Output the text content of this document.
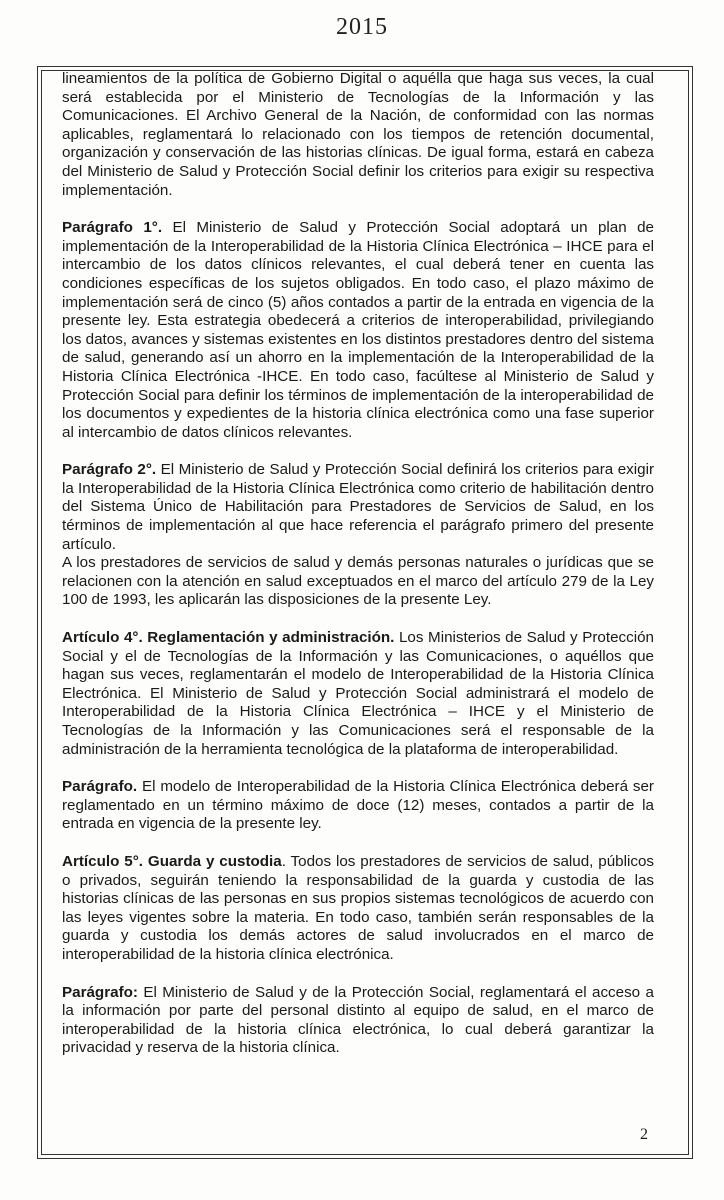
2015

lineamientos de la política de Gobierno Digital o aquélla que haga sus veces, la cual será establecida por el Ministerio de Tecnologías de la Información y las Comunicaciones. El Archivo General de la Nación, de conformidad con las normas aplicables, reglamentará lo relacionado con los tiempos de retención documental, organización y conservación de las historias clínicas. De igual forma, estará en cabeza del Ministerio de Salud y Protección Social definir los criterios para exigir su respectiva implementación.

Parágrafo 1°. El Ministerio de Salud y Protección Social adoptará un plan de implementación de la Interoperabilidad de la Historia Clínica Electrónica – IHCE para el intercambio de los datos clínicos relevantes, el cual deberá tener en cuenta las condiciones específicas de los sujetos obligados. En todo caso, el plazo máximo de implementación será de cinco (5) años contados a partir de la entrada en vigencia de la presente ley. Esta estrategia obedecerá a criterios de interoperabilidad, privilegiando los datos, avances y sistemas existentes en los distintos prestadores dentro del sistema de salud, generando así un ahorro en la implementación de la Interoperabilidad de la Historia Clínica Electrónica -IHCE. En todo caso, facúltese al Ministerio de Salud y Protección Social para definir los términos de implementación de la interoperabilidad de los documentos y expedientes de la historia clínica electrónica como una fase superior al intercambio de datos clínicos relevantes.

Parágrafo 2°. El Ministerio de Salud y Protección Social definirá los criterios para exigir la Interoperabilidad de la Historia Clínica Electrónica como criterio de habilitación dentro del Sistema Único de Habilitación para Prestadores de Servicios de Salud, en los términos de implementación al que hace referencia el parágrafo primero del presente artículo.

A los prestadores de servicios de salud y demás personas naturales o jurídicas que se relacionen con la atención en salud exceptuados en el marco del artículo 279 de la Ley 100 de 1993, les aplicarán las disposiciones de la presente Ley.

Artículo 4°. Reglamentación y administración. Los Ministerios de Salud y Protección Social y el de Tecnologías de la Información y las Comunicaciones, o aquéllos que hagan sus veces, reglamentarán el modelo de Interoperabilidad de la Historia Clínica Electrónica. El Ministerio de Salud y Protección Social administrará el modelo de Interoperabilidad de la Historia Clínica Electrónica – IHCE y el Ministerio de Tecnologías de la Información y las Comunicaciones será el responsable de la administración de la herramienta tecnológica de la plataforma de interoperabilidad.

Parágrafo. El modelo de Interoperabilidad de la Historia Clínica Electrónica deberá ser reglamentado en un término máximo de doce (12) meses, contados a partir de la entrada en vigencia de la presente ley.

Artículo 5°. Guarda y custodia. Todos los prestadores de servicios de salud, públicos o privados, seguirán teniendo la responsabilidad de la guarda y custodia de las historias clínicas de las personas en sus propios sistemas tecnológicos de acuerdo con las leyes vigentes sobre la materia. En todo caso, también serán responsables de la guarda y custodia los demás actores de salud involucrados en el marco de interoperabilidad de la historia clínica electrónica.

Parágrafo: El Ministerio de Salud y de la Protección Social, reglamentará el acceso a la información por parte del personal distinto al equipo de salud, en el marco de interoperabilidad de la historia clínica electrónica, lo cual deberá garantizar la privacidad y reserva de la historia clínica.

2
